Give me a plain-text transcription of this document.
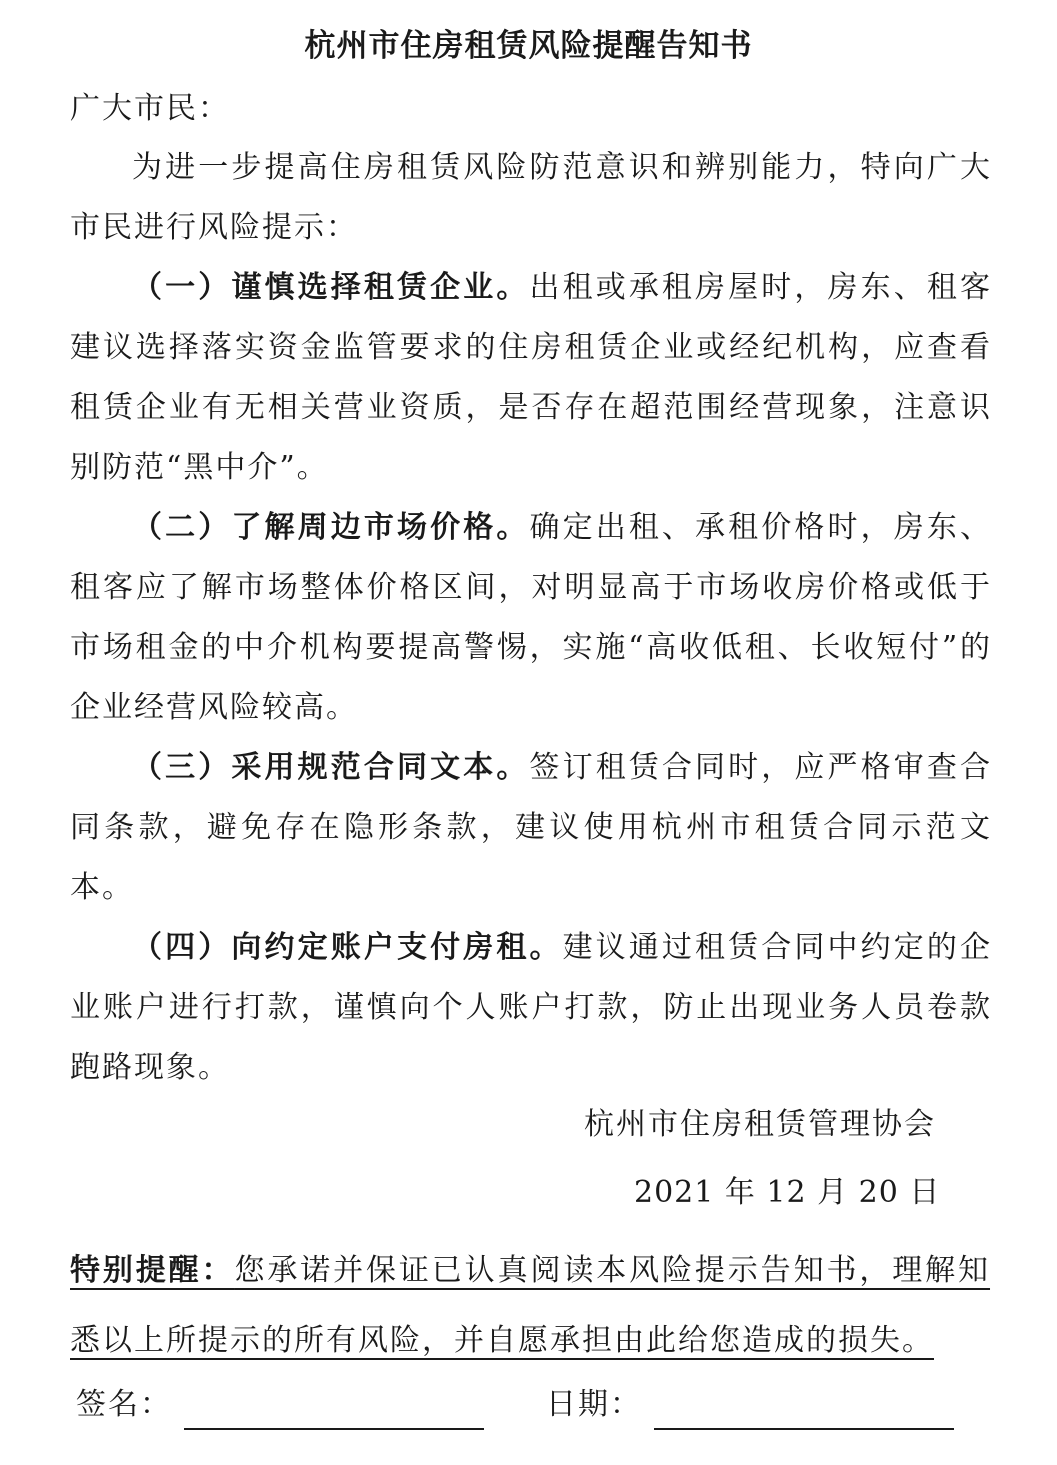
杭州市住房租赁风险提醒告知书
广大市民：

为进一步提高住房租赁风险防范意识和辨别能力，特向广大市民进行风险提示：

（一）谨慎选择租赁企业。出租或承租房屋时，房东、租客建议选择落实资金监管要求的住房租赁企业或经纪机构，应查看租赁企业有无相关营业资质，是否存在超范围经营现象，注意识别防范“黑中介”。

（二）了解周边市场价格。确定出租、承租价格时，房东、租客应了解市场整体价格区间，对明显高于市场收房价格或低于市场租金的中介机构要提高警惕，实施“高收低租、长收短付”的企业经营风险较高。

（三）采用规范合同文本。签订租赁合同时，应严格审查合同条款，避免存在隐形条款，建议使用杭州市租赁合同示范文本。

（四）向约定账户支付房租。建议通过租赁合同中约定的企业账户进行打款，谨慎向个人账户打款，防止出现业务人员卷款跑路现象。

杭州市住房租赁管理协会
2021 年 12 月 20 日

特别提醒：您承诺并保证已认真阅读本风险提示告知书，理解知悉以上所提示的所有风险，并自愿承担由此给您造成的损失。

签名：	日期：
